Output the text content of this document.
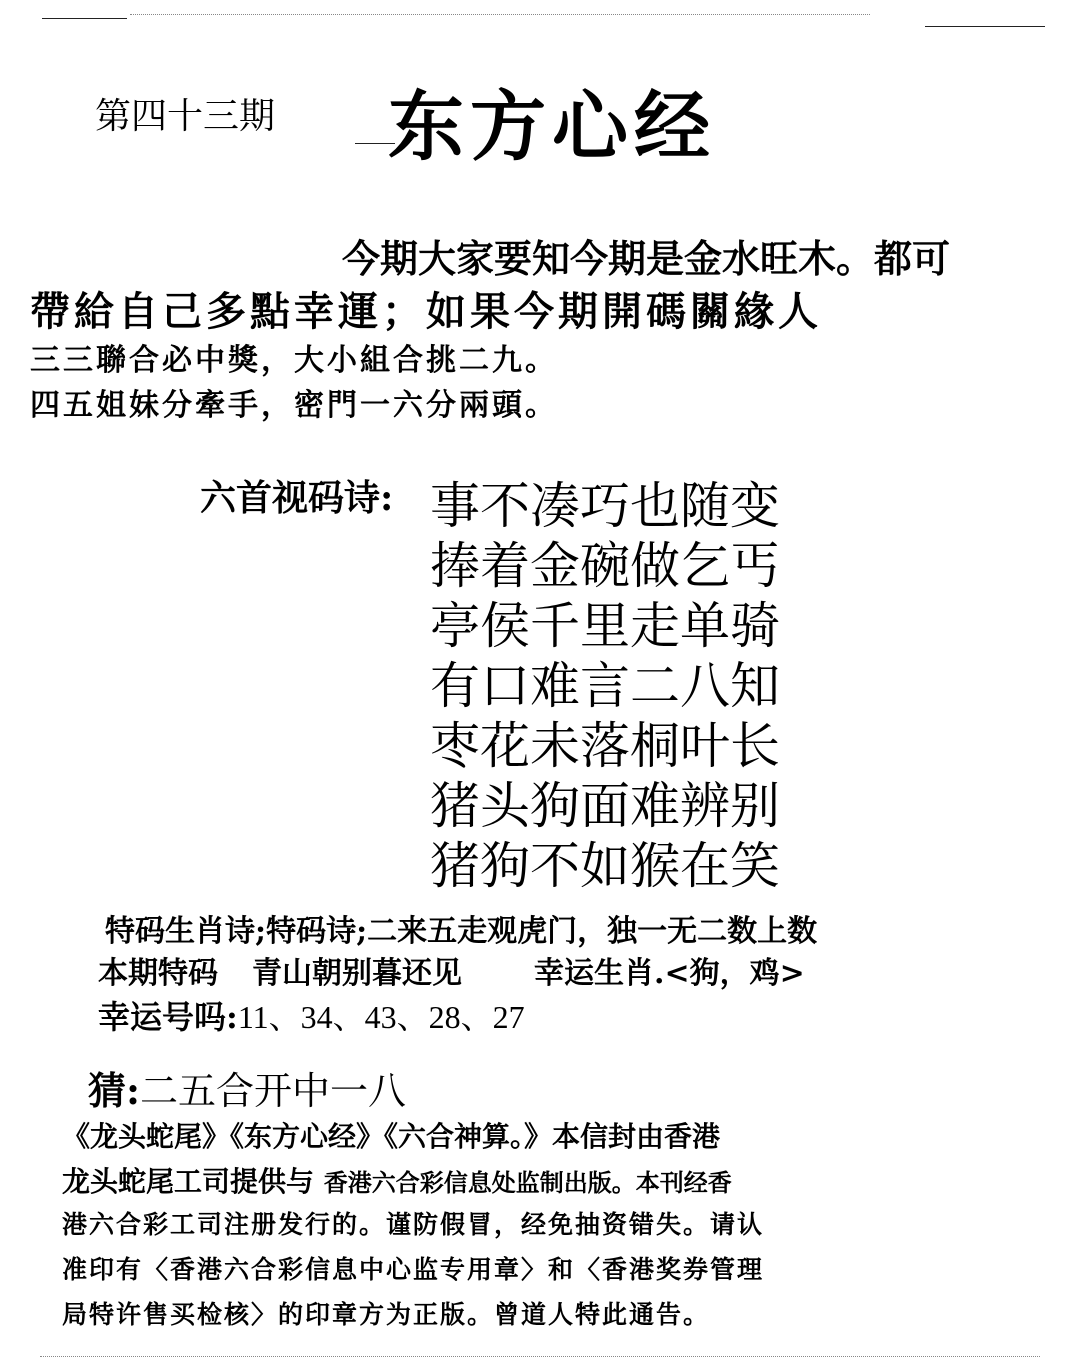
第四十三期 东方心经
今期大家要知今期是金水旺木。都可
帶給自己多點幸運；如果今期開碼關緣人
三三聯合必中獎，大小組合挑二九。
四五姐妹分牽手，密門一六分兩頭。
六首视码诗: 事不凑巧也随变
捧着金碗做乞丐
亭侯千里走单骑
有口难言二八知
枣花未落桐叶长
猪头狗面难辨别
猪狗不如猴在笑
特码生肖诗;特码诗;二来五走观虎门，独一无二数上数
本期特码 青山朝别暮还见 幸运生肖.<狗，鸡>
幸运号吗:11、34、43、28、27
猜:二五合开中一八
《龙头蛇尾》《东方心经》《六合神算。》本信封由香港
龙头蛇尾工司提供与 香港六合彩信息处监制出版。本刊经香
港六合彩工司注册发行的。谨防假冒，经免抽资错失。请认
准印有〈香港六合彩信息中心监专用章〉和〈香港奖券管理
局特许售买检核〉的印章方为正版。曾道人特此通告。
